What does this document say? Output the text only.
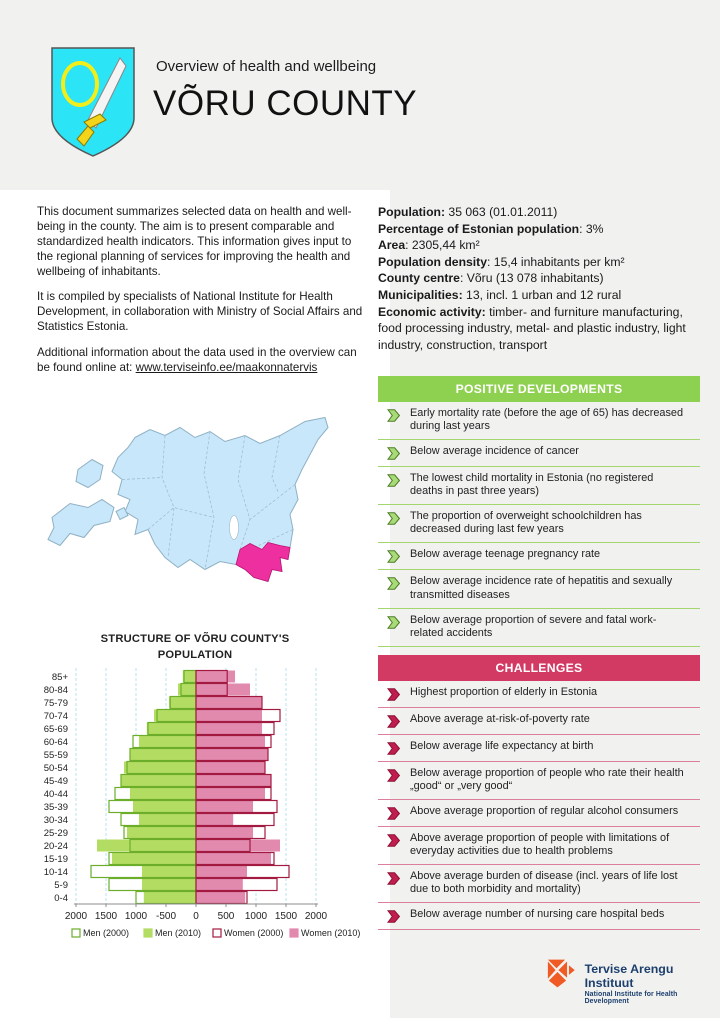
Overview of health and wellbeing
VÕRU COUNTY

This document summarizes selected data on health and well-being in the county. The aim is to present comparable and standardized health indicators. This information gives input to the regional planning of services for improving the health and wellbeing of inhabitants.

It is compiled by specialists of National Institute for Health Development, in collaboration with Ministry of Social Affairs and Statistics Estonia.

Additional information about the data used in the overview can be found online at: www.terviseinfo.ee/maakonnatervis

STRUCTURE OF VÕRU COUNTY'S POPULATION
85+
80-84
75-79
70-74
65-69
60-64
55-59
50-54
45-49
40-44
35-39
30-34
25-29
20-24
15-19
10-14
5-9
0-4
2000 1500 1000 -500 0 500 1000 1500 2000
Men (2000)	Men (2010)	Women (2000) Women (2010)
Population: 35 063 (01.01.2011)
Percentage of Estonian population: 3%
Area: 2305,44 km²
Population density: 15,4 inhabitants per km²
County centre: Võru (13 078 inhabitants)
Municipalities: 13, incl. 1 urban and 12 rural
Economic activity: timber- and furniture manufacturing, food processing industry, metal- and plastic industry, light industry, construction, transport
POSITIVE DEVELOPMENTS
Early mortality rate (before the age of 65) has decreased during last years
Below average incidence of cancer
The lowest child mortality in Estonia (no registered deaths in past three years)
The proportion of overweight schoolchildren has decreased during last few years
Below average teenage pregnancy rate
Below average incidence rate of hepatitis and sexually transmitted diseases
Below average proportion of severe and fatal work-related accidents
CHALLENGES
Highest proportion of elderly in Estonia
Above average at-risk-of-poverty rate
Below average life expectancy at birth
Below average proportion of people who rate their health „good“ or „very good“
Above average proportion of regular alcohol consumers
Above average proportion of people with limitations of everyday activities due to health problems
Above average burden of disease (incl. years of life lost due to both morbidity and mortality)
Below average number of nursing care hospital beds
Tervise Arengu Instituut
National Institute for Health Development
